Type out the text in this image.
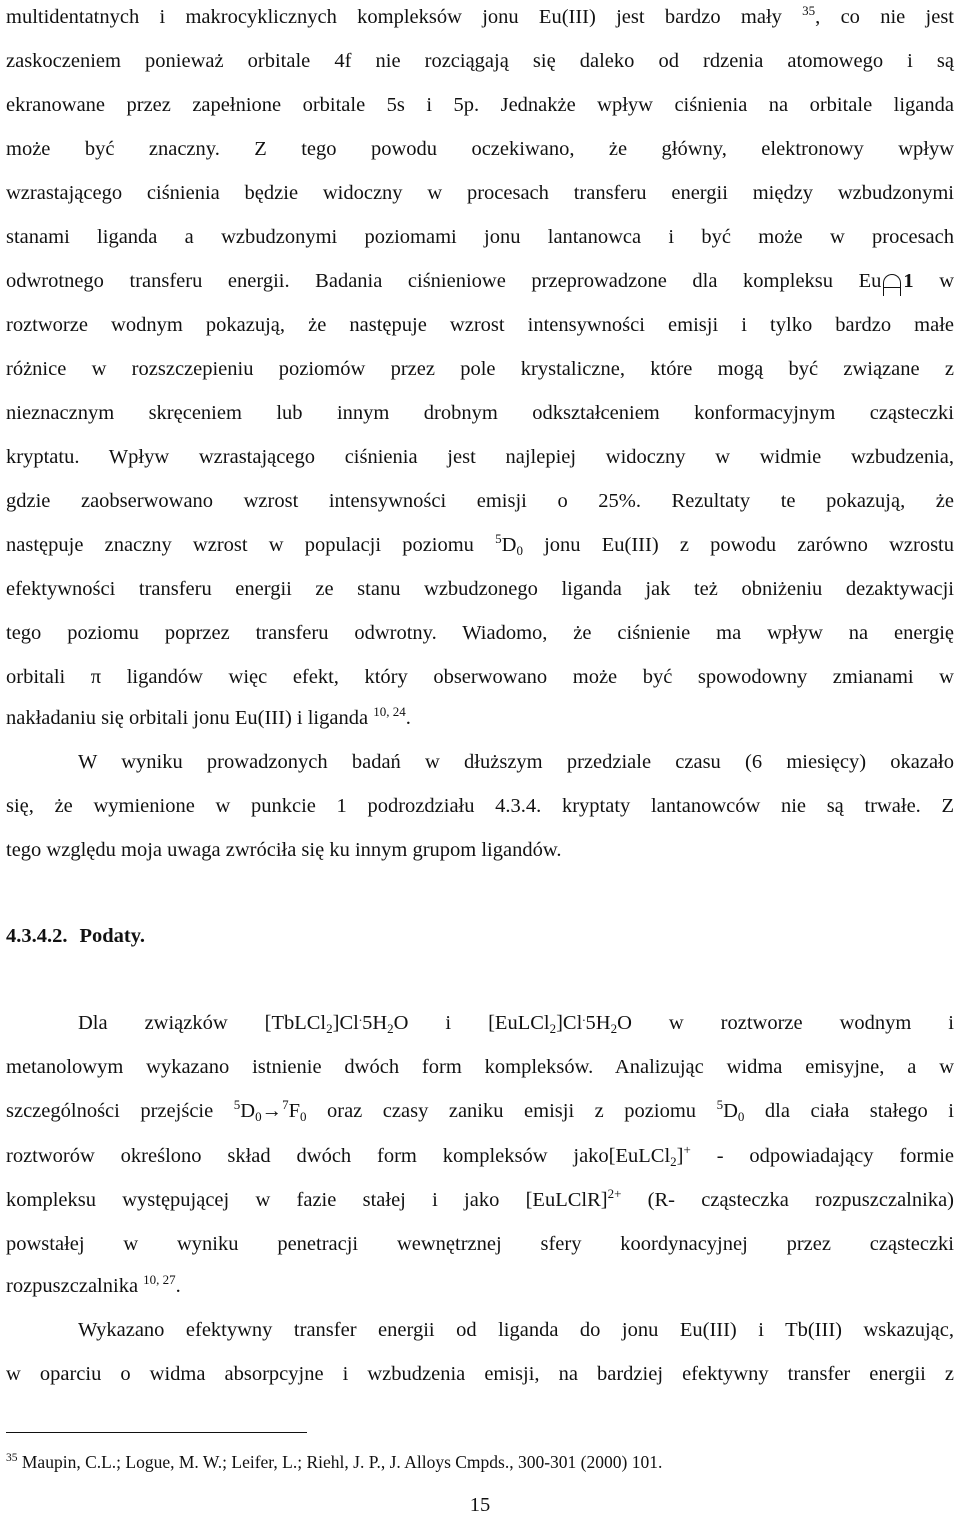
multidentatnych i makrocyklicznych kompleksów jonu Eu(III) jest bardzo mały $^{35}$, co nie jest
zaskoczeniem ponieważ orbitale 4f nie rozciągają się daleko od rdzenia atomowego i są
ekranowane przez zapełnione orbitale 5s i 5p. Jednakże wpływ ciśnienia na orbitale liganda
może być znaczny. Z tego powodu oczekiwano, że główny, elektronowy wpływ
wzrastającego ciśnienia będzie widoczny w procesach transferu energii między wzbudzonymi
stanami liganda a wzbudzonymi poziomami jonu lantanowca i być może w procesach
odwrotnego transferu energii. Badania ciśnieniowe przeprowadzone dla kompleksu Eu 1 w
roztworze wodnym pokazują, że następuje wzrost intensywności emisji i tylko bardzo małe
różnice w rozszczepieniu poziomów przez pole krystaliczne, które mogą być związane z
nieznacznym skręceniem lub innym drobnym odkształceniem konformacyjnym cząsteczki
kryptatu. Wpływ wzrastającego ciśnienia jest najlepiej widoczny w widmie wzbudzenia,
gdzie zaobserwowano wzrost intensywności emisji o 25%. Rezultaty te pokazują, że
następuje znaczny wzrost w populacji poziomu $^5D_0$ jonu Eu(III) z powodu zarówno wzrostu
efektywności transferu energii ze stanu wzbudzonego liganda jak też obniżeniu dezaktywacji
tego poziomu poprzez transferu odwrotny. Wiadomo, że ciśnienie ma wpływ na energię
orbitali π ligandów więc efekt, który obserwowano może być spowodowny zmianami w
nakładaniu się orbitali jonu Eu(III) i liganda $^{10, 24}$.
W wyniku prowadzonych badań w dłuższym przedziale czasu (6 miesięcy) okazało
się, że wymienione w punkcie 1 podrozdziału 4.3.4. kryptaty lantanowców nie są trwałe. Z
tego względu moja uwaga zwróciła się ku innym grupom ligandów.
4.3.4.2. Podaty.
Dla związków $[TbLCl_2]Cl^.5H_2O$ i $[EuLCl_2]Cl^.5H_2O$ w roztworze wodnym i
metanolowym wykazano istnienie dwóch form kompleksów. Analizując widma emisyjne, a w
szczególności przejście $^5D_0\to^7F_0$ oraz czasy zaniku emisji z poziomu $^5D_0$ dla ciała stałego i
roztworów określono skład dwóch form kompleksów jako[EuLCl$_2$]+ - odpowiadający formie
kompleksu występującej w fazie stałej i jako [EuLClR]$^{2+}$ (R- cząsteczka rozpuszczalnika)
powstałej w wyniku penetracji wewnętrznej sfery koordynacyjnej przez cząsteczki
rozpuszczalnika $^{10, 27}$.
Wykazano efektywny transfer energii od liganda do jonu Eu(III) i Tb(III) wskazując,
w oparciu o widma absorpcyjne i wzbudzenia emisji, na bardziej efektywny transfer energii z
$^{35}$ Maupin, C.L.; Logue, M. W.; Leifer, L.; Riehl, J. P., J. Alloys Cmpds., 300-301 (2000) 101.
15
